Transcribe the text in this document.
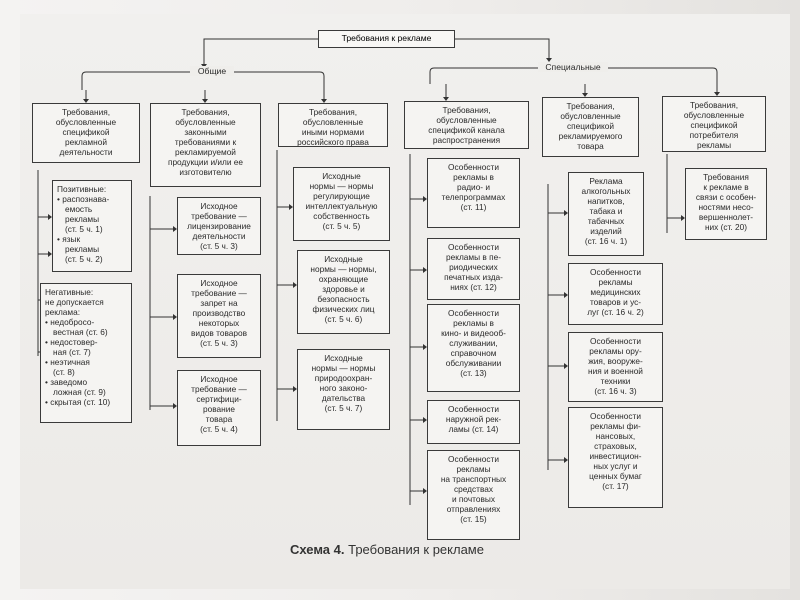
Требования к рекламе
Общие	Специальные
Требования,
обусловленные
спецификой
рекламной
деятельности
Требования,
обусловленные
законными
требованиями к
рекламируемой
продукции и/или ее
изготовителю
Требования,
обусловленные
иными нормами
российского права
Требования,
обусловленные
спецификой канала
распространения
Требования,
обусловленные
спецификой
рекламируемого
товара
Требования,
обусловленные
спецификой
потребителя
рекламы
Позитивные:
• распознава-
емость
рекламы
(ст. 5 ч. 1)
• язык
рекламы
(ст. 5 ч. 2)
Негативные:
не допускается
реклама:
• недобросо-
вестная (ст. 6)
• недостовер-
ная (ст. 7)
• неэтичная
(ст. 8)
• заведомо
ложная (ст. 9)
• скрытая (ст. 10)
Исходное
требование —
лицензирование
деятельности
(ст. 5 ч. 3)
Исходное
требование —
запрет на
производство
некоторых
видов товаров
(ст. 5 ч. 3)
Исходное
требование —
сертифици-
рование
товара
(ст. 5 ч. 4)
Исходные
нормы — нормы
регулирующие
интеллектуальную
собственность
(ст. 5 ч. 5)
Исходные
нормы — нормы,
охраняющие
здоровье и
безопасность
физических лиц
(ст. 5 ч. 6)
Исходные
нормы — нормы
природоохран-
ного законо-
дательства
(ст. 5 ч. 7)
Особенности
рекламы в
радио- и
телепрограммах
(ст. 11)
Особенности
рекламы в пе-
риодических
печатных изда-
ниях (ст. 12)
Особенности
рекламы в
кино- и видеооб-
служивании,
справочном
обслуживании
(ст. 13)
Особенности
наружной рек-
ламы (ст. 14)
Особенности
рекламы
на транспортных
средствах
и почтовых
отправлениях
(ст. 15)
Реклама
алкогольных
напитков,
табака и
табачных
изделий
(ст. 16 ч. 1)
Особенности
рекламы
медицинских
товаров и ус-
луг (ст. 16 ч. 2)
Особенности
рекламы ору-
жия, вооруже-
ния и военной
техники
(ст. 16 ч. 3)
Особенности
рекламы фи-
нансовых,
страховых,
инвестицион-
ных услуг и
ценных бумаг
(ст. 17)
Требования
к рекламе в
связи с особен-
ностями несо-
вершеннолет-
них (ст. 20)
Схема 4. Требования к рекламе
